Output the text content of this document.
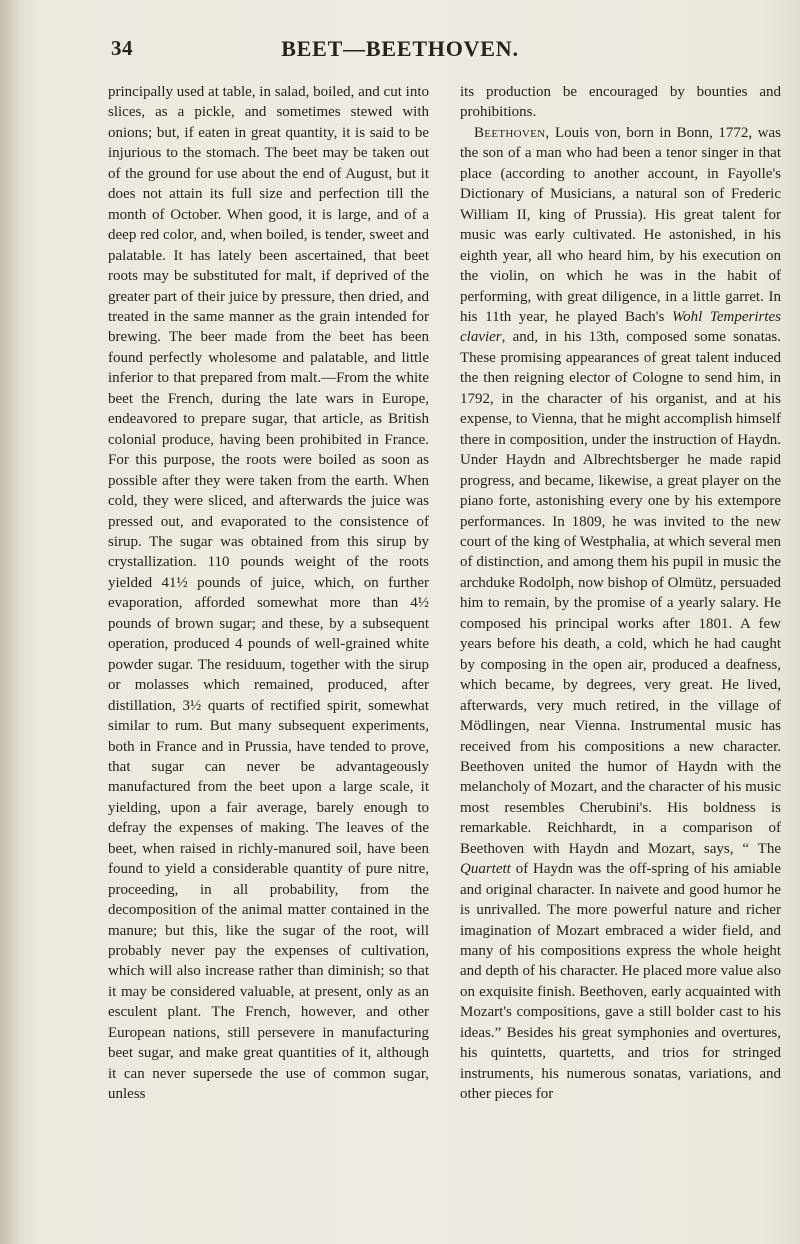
34	BEET—BEETHOVEN.

principally used at table, in salad, boiled, and cut into slices, as a pickle, and sometimes stewed with onions; but, if eaten in great quantity, it is said to be injurious to the stomach. The beet may be taken out of the ground for use about the end of August, but it does not attain its full size and perfection till the month of October. When good, it is large, and of a deep red color, and, when boiled, is tender, sweet and palatable. It has lately been ascertained, that beet roots may be substituted for malt, if deprived of the greater part of their juice by pressure, then dried, and treated in the same manner as the grain intended for brewing. The beer made from the beet has been found perfectly wholesome and palatable, and little inferior to that prepared from malt.—From the white beet the French, during the late wars in Europe, endeavored to prepare sugar, that article, as British colonial produce, having been prohibited in France. For this purpose, the roots were boiled as soon as possible after they were taken from the earth. When cold, they were sliced, and afterwards the juice was pressed out, and evaporated to the consistence of sirup. The sugar was obtained from this sirup by crystallization. 110 pounds weight of the roots yielded 41½ pounds of juice, which, on further evaporation, afforded somewhat more than 4½ pounds of brown sugar; and these, by a subsequent operation, produced 4 pounds of well-grained white powder sugar. The residuum, together with the sirup or molasses which remained, produced, after distillation, 3½ quarts of rectified spirit, somewhat similar to rum. But many subsequent experiments, both in France and in Prussia, have tended to prove, that sugar can never be advantageously manufactured from the beet upon a large scale, it yielding, upon a fair average, barely enough to defray the expenses of making. The leaves of the beet, when raised in richly-manured soil, have been found to yield a considerable quantity of pure nitre, proceeding, in all probability, from the decomposition of the animal matter contained in the manure; but this, like the sugar of the root, will probably never pay the expenses of cultivation, which will also increase rather than diminish; so that it may be considered valuable, at present, only as an esculent plant. The French, however, and other European nations, still persevere in manufacturing beet sugar, and make great quantities of it, although it can never supersede the use of common sugar, unless

its production be encouraged by bounties and prohibitions.

Beethoven, Louis von, born in Bonn, 1772, was the son of a man who had been a tenor singer in that place (according to another account, in Fayolle's Dictionary of Musicians, a natural son of Frederic William II, king of Prussia). His great talent for music was early cultivated. He astonished, in his eighth year, all who heard him, by his execution on the violin, on which he was in the habit of performing, with great diligence, in a little garret. In his 11th year, he played Bach's Wohl Temperirtes clavier, and, in his 13th, composed some sonatas. These promising appearances of great talent induced the then reigning elector of Cologne to send him, in 1792, in the character of his organist, and at his expense, to Vienna, that he might accomplish himself there in composition, under the instruction of Haydn. Under Haydn and Albrechtsberger he made rapid progress, and became, likewise, a great player on the piano forte, astonishing every one by his extempore performances. In 1809, he was invited to the new court of the king of Westphalia, at which several men of distinction, and among them his pupil in music the archduke Rodolph, now bishop of Olmütz, persuaded him to remain, by the promise of a yearly salary. He composed his principal works after 1801. A few years before his death, a cold, which he had caught by composing in the open air, produced a deafness, which became, by degrees, very great. He lived, afterwards, very much retired, in the village of Mödlingen, near Vienna. Instrumental music has received from his compositions a new character. Beethoven united the humor of Haydn with the melancholy of Mozart, and the character of his music most resembles Cherubini's. His boldness is remarkable. Reichhardt, in a comparison of Beethoven with Haydn and Mozart, says, “ The Quartett of Haydn was the off-spring of his amiable and original character. In naivete and good humor he is unrivalled. The more powerful nature and richer imagination of Mozart embraced a wider field, and many of his compositions express the whole height and depth of his character. He placed more value also on exquisite finish. Beethoven, early acquainted with Mozart's compositions, gave a still bolder cast to his ideas.” Besides his great symphonies and overtures, his quintetts, quartetts, and trios for stringed instruments, his numerous sonatas, variations, and other pieces for
